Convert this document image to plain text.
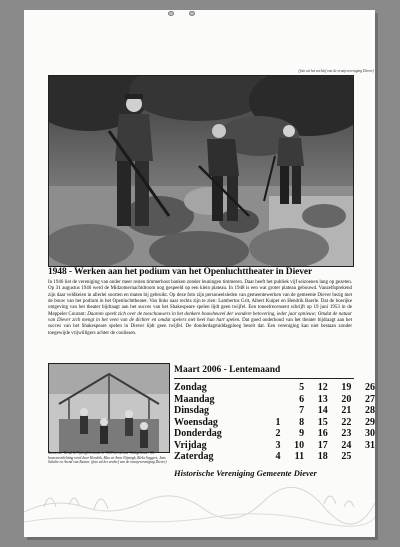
(foto uit het archief van de oranjevereniging Diever)
1948 - Werken aan het podium van het Openluchttheater in Diever

In 1946 liet de vereniging van onder meer resten timmerhout banken zonder leuningen timmeren. Daar heeft het publiek vijf seizoenen lang op gezeten. Op 31 augustus 1946 werd de Midzomernachtdroom nog gespeeld op een klein plateau. In 1948 is een wat groter plateau gebouwd. Vanzelfsprekend zijn daar veldkeien in allerlei soorten en maten bij gebruikt. Op deze foto zijn personeelsleden van gemeentewerken van de gemeente Diever bezig met de bouw van het podium in het Openluchttheater. Van links naar rechts zijn te zien: Lambertus Grit, Albert Kuiper en Hendrik Baerle. Dat de boerijke omgeving van het theater bijdraagt aan het succes van het Shakespeare spelen lijdt geen twijfel. Een toneelrecensent schrijft op 19 juni 1953 in de Meppeler Courant: Daarom speelt zich over de toeschouwers in het donkere bouwheuvel der wondere betovering, ieder jaar opnieuw; Omdat de natuur van Diever zich mengt in het veen van de dichter en omdat spelers met heel hun hart spelen. Dat goed onderhoud van het theater bijdraagt aan het succes van het Shakespeare spelen in Diever lijdt geen twijfel. De donderdagmiddagploeg beselt dat. Een vereniging kan niet bestaan zonder toegewijde vrijwilligers achter de coulissen.

Aannemer Hendrik Nijsingh bouwde in 1958 het nieuwe 'klubgebouw'. De bouwvoorlichting werd door Hendrik, Max en Anne Nijsingh, Rieks Seggers, Jans Schulte en Arend van Zanten. (foto uit het archief van de oranjevereniging Diever)
Maart 2006 - Lentemaand
Zondag		5	12	19	26
Maandag		6	13	20	27
Dinsdag		7	14	21	28
Woensdag	1	8	15	22	29
Donderdag	2	9	16	23	30
Vrijdag	3	10	17	24	31
Zaterdag	4	11	18	25	
Historische Vereniging Gemeente Diever
